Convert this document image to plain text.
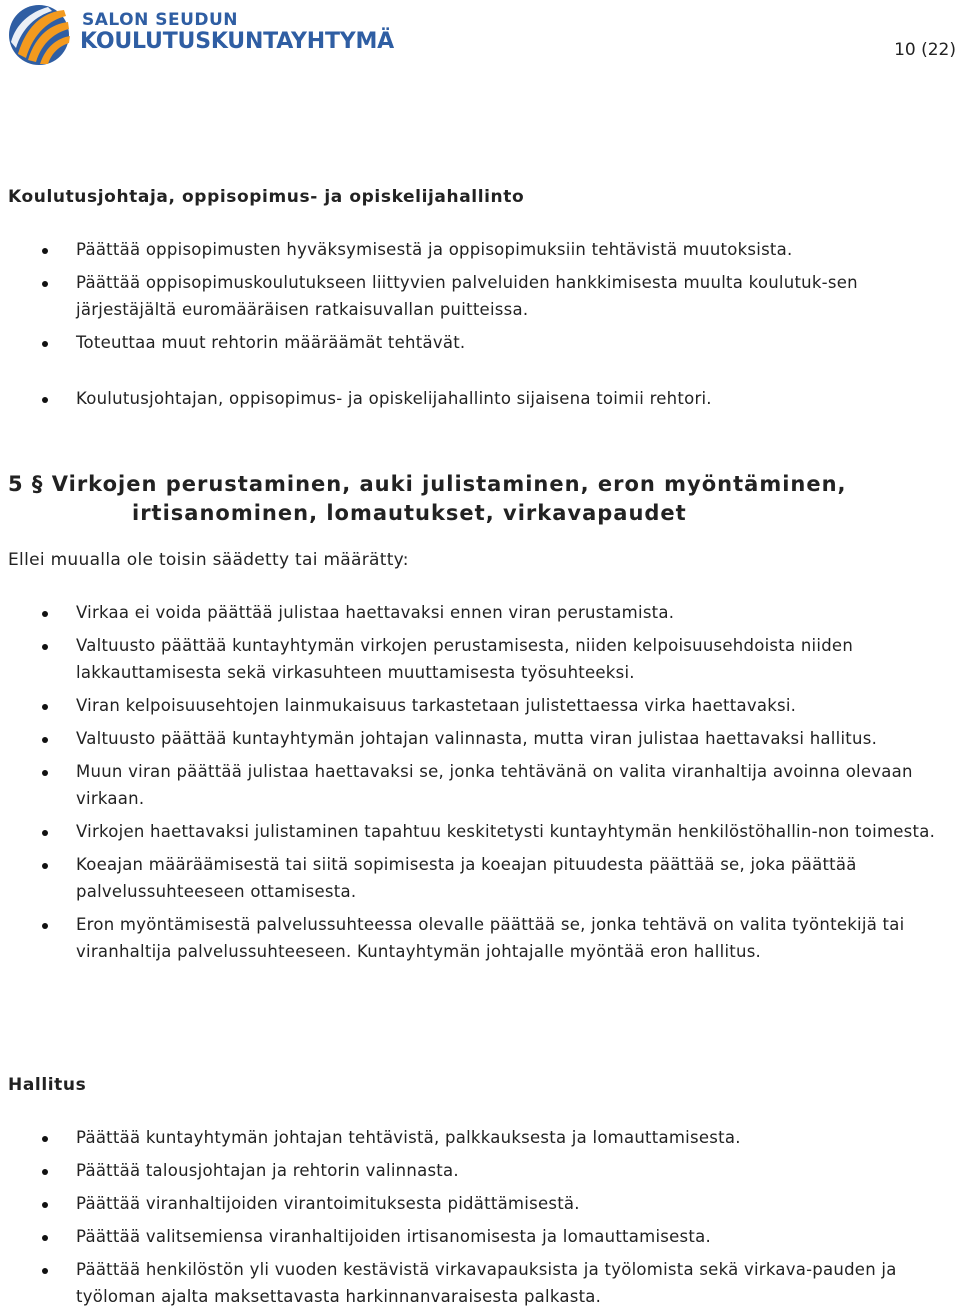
SALON SEUDUN
KOULUTUSKUNTAYHTYMÄ	10 (22)
Koulutusjohtaja, oppisopimus- ja opiskelijahallinto
Päättää oppisopimusten hyväksymisestä ja oppisopimuksiin tehtävistä muutoksista.
Päättää oppisopimuskoulutukseen liittyvien palveluiden hankkimisesta muulta koulutuk-sen järjestäjältä euromääräisen ratkaisuvallan puitteissa.
Toteuttaa muut rehtorin määräämät tehtävät.
Koulutusjohtajan, oppisopimus- ja opiskelijahallinto sijaisena toimii rehtori.
5 § Virkojen perustaminen, auki julistaminen, eron myöntäminen,
irtisanominen, lomautukset, virkavapaudet
Ellei muualla ole toisin säädetty tai määrätty:
Virkaa ei voida päättää julistaa haettavaksi ennen viran perustamista.
Valtuusto päättää kuntayhtymän virkojen perustamisesta, niiden kelpoisuusehdoista niiden lakkauttamisesta sekä virkasuhteen muuttamisesta työsuhteeksi.
Viran kelpoisuusehtojen lainmukaisuus tarkastetaan julistettaessa virka haettavaksi.
Valtuusto päättää kuntayhtymän johtajan valinnasta, mutta viran julistaa haettavaksi hallitus.
Muun viran päättää julistaa haettavaksi se, jonka tehtävänä on valita viranhaltija avoinna olevaan virkaan.
Virkojen haettavaksi julistaminen tapahtuu keskitetysti kuntayhtymän henkilöstöhallin-non toimesta.
Koeajan määräämisestä tai siitä sopimisesta ja koeajan pituudesta päättää se, joka päättää palvelussuhteeseen ottamisesta.
Eron myöntämisestä palvelussuhteessa olevalle päättää se, jonka tehtävä on valita työntekijä tai viranhaltija palvelussuhteeseen. Kuntayhtymän johtajalle myöntää eron hallitus.
Hallitus
Päättää kuntayhtymän johtajan tehtävistä, palkkauksesta ja lomauttamisesta.
Päättää talousjohtajan ja rehtorin valinnasta.
Päättää viranhaltijoiden virantoimituksesta pidättämisestä.
Päättää valitsemiensa viranhaltijoiden irtisanomisesta ja lomauttamisesta.
Päättää henkilöstön yli vuoden kestävistä virkavapauksista ja työlomista sekä virkava-pauden ja työloman ajalta maksettavasta harkinnanvaraisesta palkasta.
